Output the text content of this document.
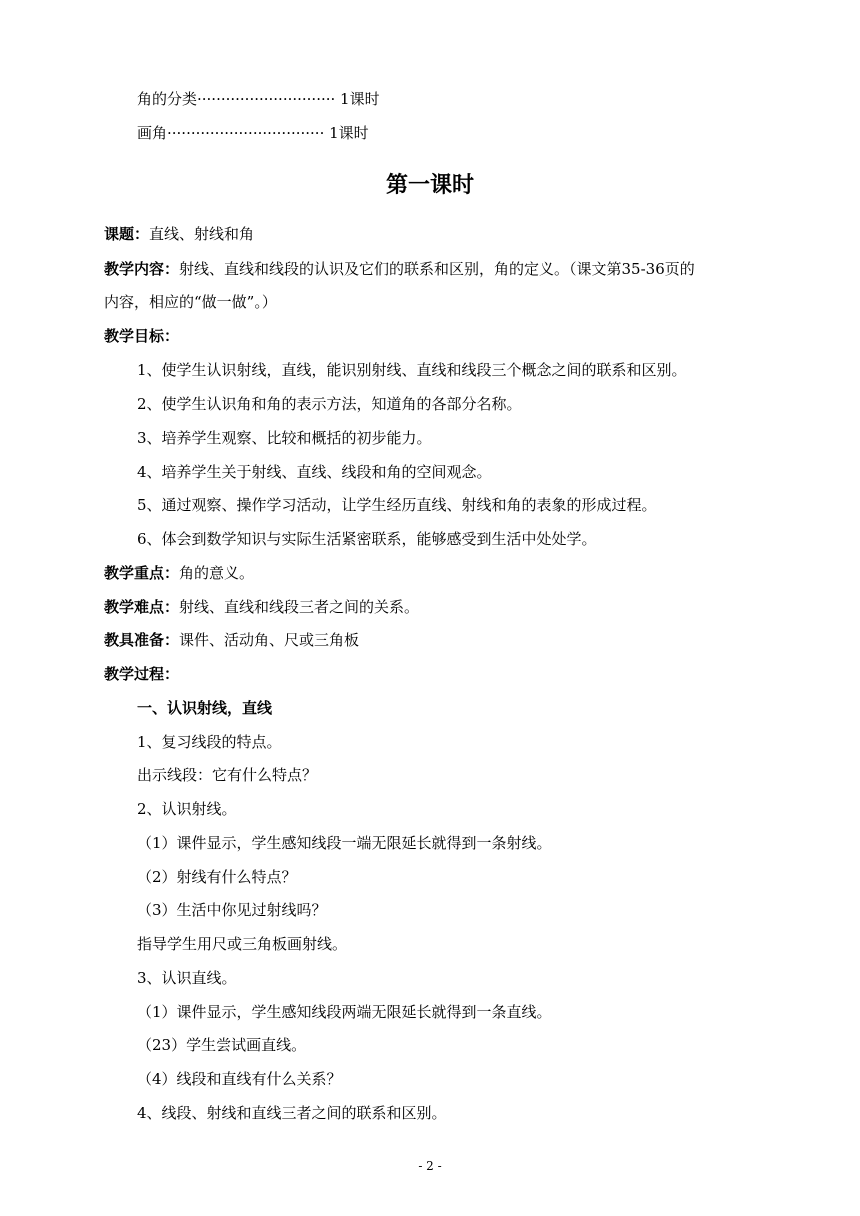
角的分类····························· 1课时
画角································· 1课时
第一课时
课题：直线、射线和角
教学内容：射线、直线和线段的认识及它们的联系和区别，角的定义。（课文第35-36页的
内容，相应的“做一做”。）
教学目标：
1、使学生认识射线，直线，能识别射线、直线和线段三个概念之间的联系和区别。
2、使学生认识角和角的表示方法，知道角的各部分名称。
3、培养学生观察、比较和概括的初步能力。
4、培养学生关于射线、直线、线段和角的空间观念。
5、通过观察、操作学习活动，让学生经历直线、射线和角的表象的形成过程。
6、体会到数学知识与实际生活紧密联系，能够感受到生活中处处学。
教学重点：角的意义。
教学难点：射线、直线和线段三者之间的关系。
教具准备：课件、活动角、尺或三角板
教学过程：
一、认识射线，直线
1、复习线段的特点。
出示线段：它有什么特点？
2、认识射线。
（1）课件显示，学生感知线段一端无限延长就得到一条射线。
（2）射线有什么特点？
（3）生活中你见过射线吗？
指导学生用尺或三角板画射线。
3、认识直线。
（1）课件显示，学生感知线段两端无限延长就得到一条直线。
（23）学生尝试画直线。
（4）线段和直线有什么关系？
4、线段、射线和直线三者之间的联系和区别。
- 2 -
